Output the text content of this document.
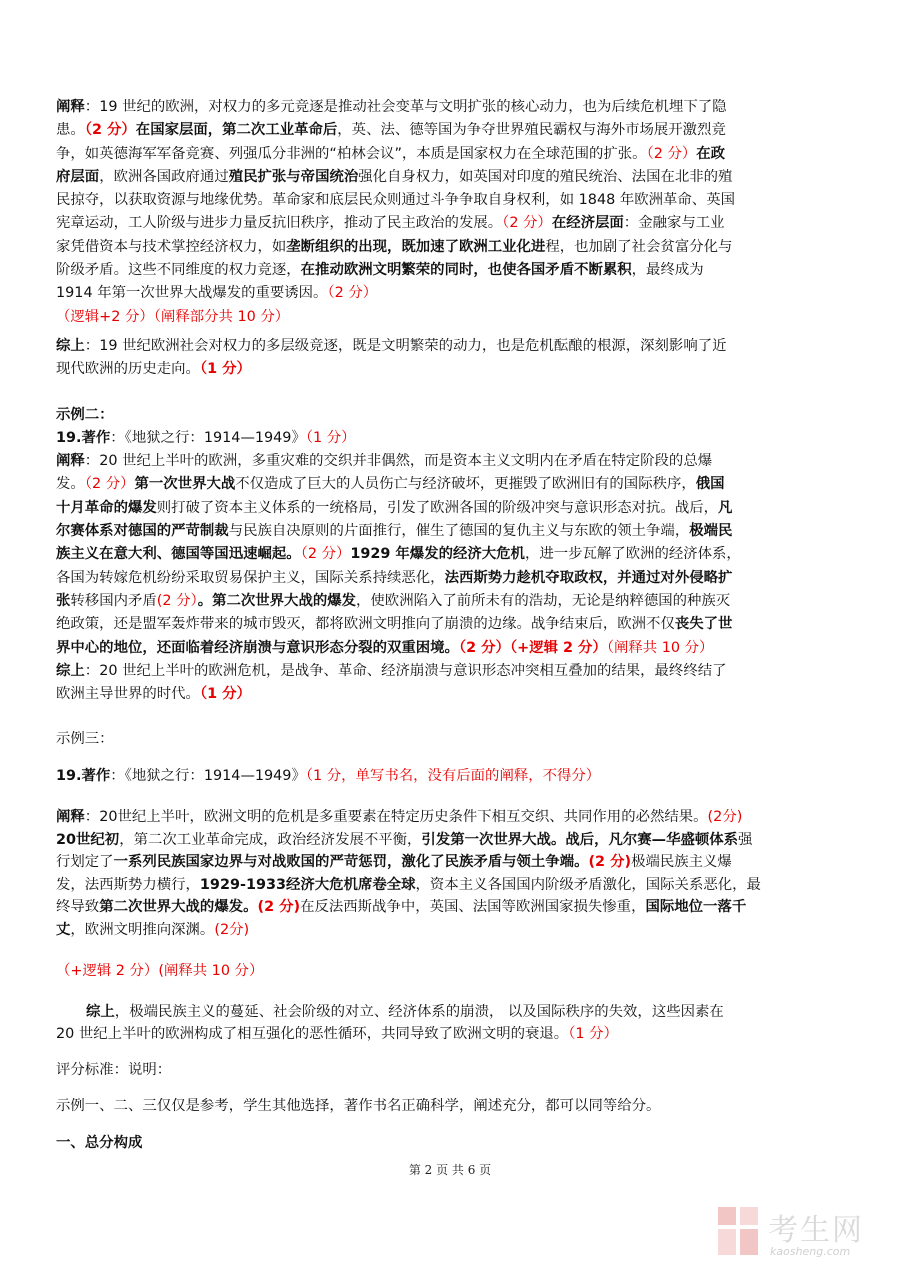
阐释：19 世纪的欧洲，对权力的多元竞逐是推动社会变革与文明扩张的核心动力，也为后续危机埋下了隐

患。（2 分）在国家层面，第二次工业革命后，英、法、德等国为争夺世界殖民霸权与海外市场展开激烈竞

争，如英德海军军备竞赛、列强瓜分非洲的“柏林会议”，本质是国家权力在全球范围的扩张。（2 分）在政

府层面，欧洲各国政府通过殖民扩张与帝国统治强化自身权力，如英国对印度的殖民统治、法国在北非的殖

民掠夺，以获取资源与地缘优势。革命家和底层民众则通过斗争争取自身权利，如 1848 年欧洲革命、英国

宪章运动，工人阶级与进步力量反抗旧秩序，推动了民主政治的发展。（2 分）在经济层面：金融家与工业

家凭借资本与技术掌控经济权力，如垄断组织的出现，既加速了欧洲工业化进程，也加剧了社会贫富分化与

阶级矛盾。这些不同维度的权力竞逐，在推动欧洲文明繁荣的同时，也使各国矛盾不断累积，最终成为

1914 年第一次世界大战爆发的重要诱因。（2 分）

（逻辑+2 分）（阐释部分共 10 分）

综上：19 世纪欧洲社会对权力的多层级竞逐，既是文明繁荣的动力，也是危机酝酿的根源，深刻影响了近

现代欧洲的历史走向。（1 分）

示例二：

19.著作：《地狱之行：1914—1949》（1 分）

阐释：20 世纪上半叶的欧洲，多重灾难的交织并非偶然，而是资本主义文明内在矛盾在特定阶段的总爆

发。（2 分）第一次世界大战不仅造成了巨大的人员伤亡与经济破坏，更摧毁了欧洲旧有的国际秩序，俄国

十月革命的爆发则打破了资本主义体系的一统格局，引发了欧洲各国的阶级冲突与意识形态对抗。战后，凡

尔赛体系对德国的严苛制裁与民族自决原则的片面推行，催生了德国的复仇主义与东欧的领土争端，极端民

族主义在意大利、德国等国迅速崛起。（2 分）1929 年爆发的经济大危机，进一步瓦解了欧洲的经济体系，

各国为转嫁危机纷纷采取贸易保护主义，国际关系持续恶化，法西斯势力趁机夺取政权，并通过对外侵略扩

张转移国内矛盾(2 分）。第二次世界大战的爆发，使欧洲陷入了前所未有的浩劫，无论是纳粹德国的种族灭

绝政策，还是盟军轰炸带来的城市毁灭，都将欧洲文明推向了崩溃的边缘。战争结束后，欧洲不仅丧失了世

界中心的地位，还面临着经济崩溃与意识形态分裂的双重困境。（2 分）（+逻辑 2 分）（阐释共 10 分）

综上：20 世纪上半叶的欧洲危机，是战争、革命、经济崩溃与意识形态冲突相互叠加的结果，最终终结了

欧洲主导世界的时代。（1 分）

示例三：

19.著作：《地狱之行：1914—1949》（1 分，单写书名，没有后面的阐释，不得分）

阐释：20世纪上半叶，欧洲文明的危机是多重要素在特定历史条件下相互交织、共同作用的必然结果。(2分)

20世纪初，第二次工业革命完成，政治经济发展不平衡，引发第一次世界大战。战后，凡尔赛—华盛顿体系强

行划定了一系列民族国家边界与对战败国的严苛惩罚，激化了民族矛盾与领土争端。(2 分)极端民族主义爆

发，法西斯势力横行，1929-1933经济大危机席卷全球，资本主义各国国内阶级矛盾激化，国际关系恶化，最

终导致第二次世界大战的爆发。(2 分)在反法西斯战争中，英国、法国等欧洲国家损失惨重，国际地位一落千

丈，欧洲文明推向深渊。(2分)

（+逻辑 2 分）(阐释共 10 分）

综上，极端民族主义的蔓延、社会阶级的对立、经济体系的崩溃， 以及国际秩序的失效，这些因素在

20 世纪上半叶的欧洲构成了相互强化的恶性循环，共同导致了欧洲文明的衰退。（1 分）

评分标准：说明：

示例一、二、三仅仅是参考，学生其他选择，著作书名正确科学，阐述充分，都可以同等给分。

一、总分构成

第 2 页 共 6 页
考生网
kaosheng.com
